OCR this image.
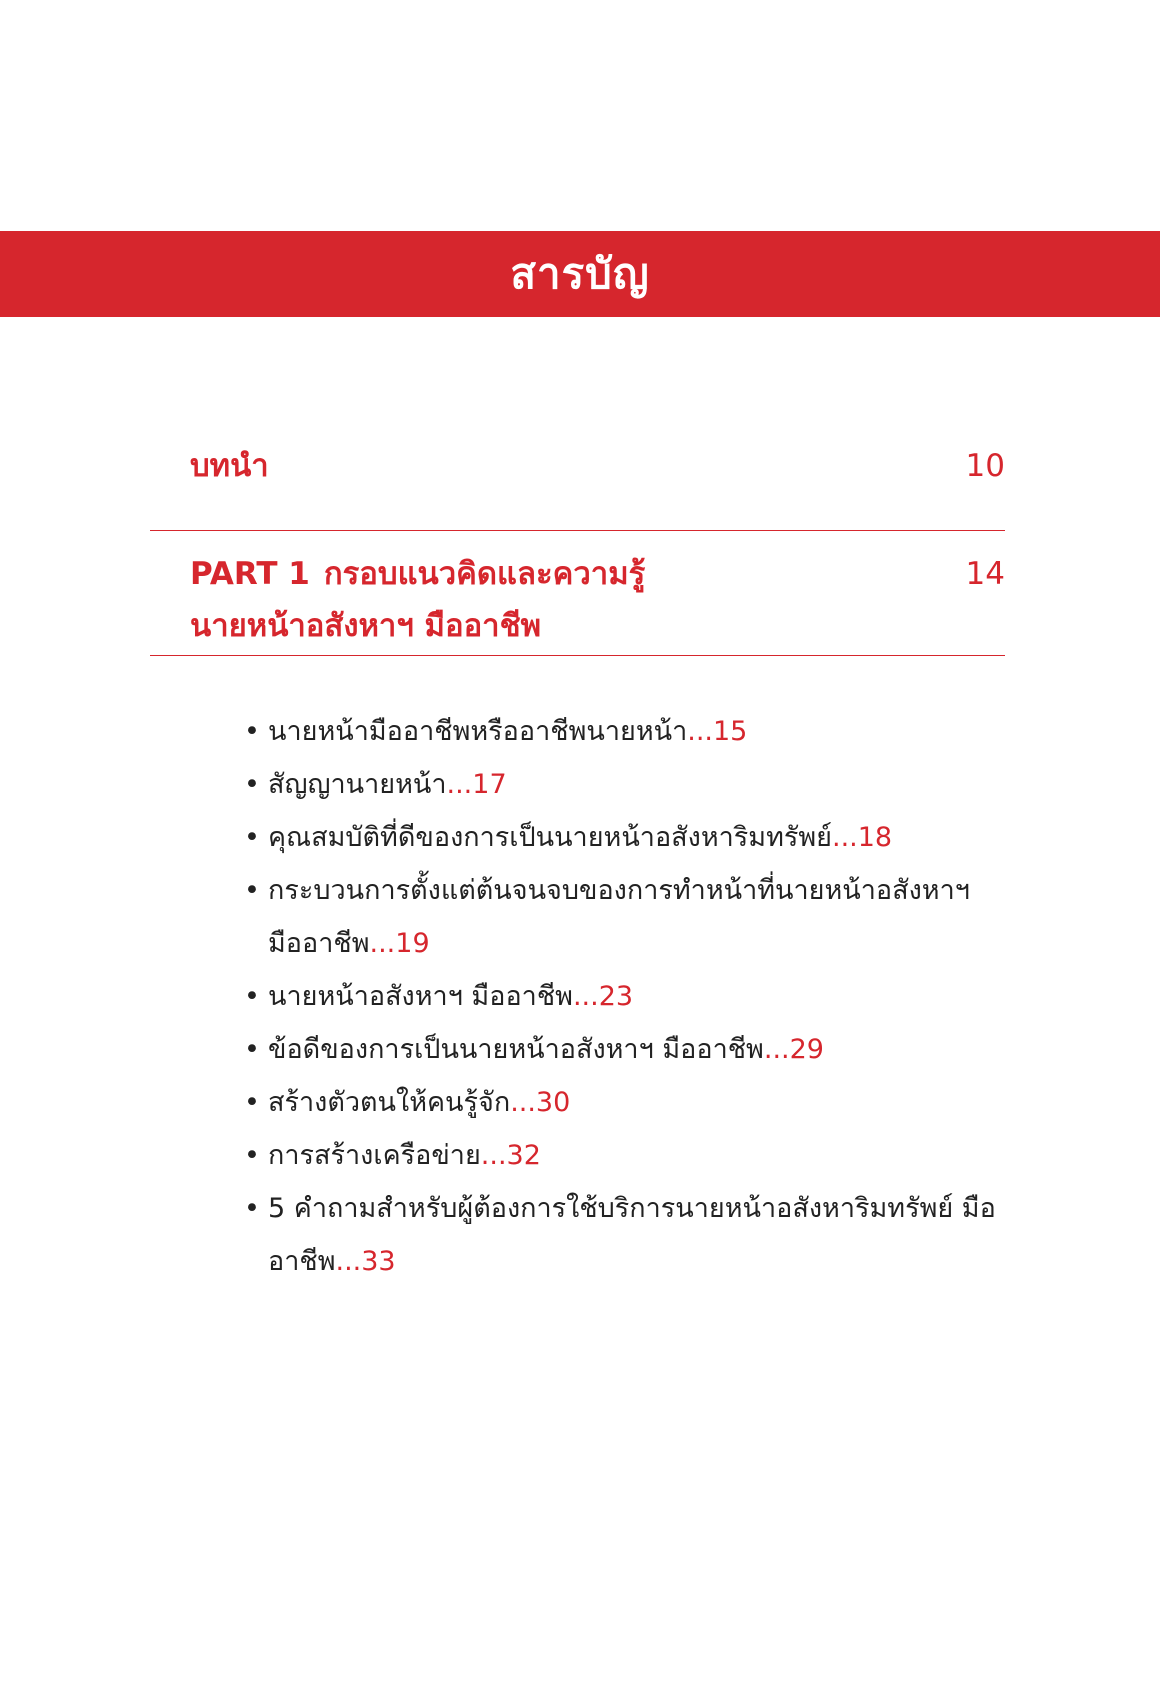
สารบัญ
บทนำ	10
PART 1 กรอบแนวคิดและความรู้
นายหน้าอสังหาฯ มืออาชีพ
14
• นายหน้ามืออาชีพหรืออาชีพนายหน้า...15
• สัญญานายหน้า...17
• คุณสมบัติที่ดีของการเป็นนายหน้าอสังหาริมทรัพย์...18
• กระบวนการตั้งแต่ต้นจนจบของการทำหน้าที่นายหน้าอสังหาฯ มืออาชีพ...19
• นายหน้าอสังหาฯ มืออาชีพ...23
• ข้อดีของการเป็นนายหน้าอสังหาฯ มืออาชีพ...29
• สร้างตัวตนให้คนรู้จัก...30
• การสร้างเครือข่าย...32
• 5 คำถามสำหรับผู้ต้องการใช้บริการนายหน้าอสังหาริมทรัพย์ มืออาชีพ...33
